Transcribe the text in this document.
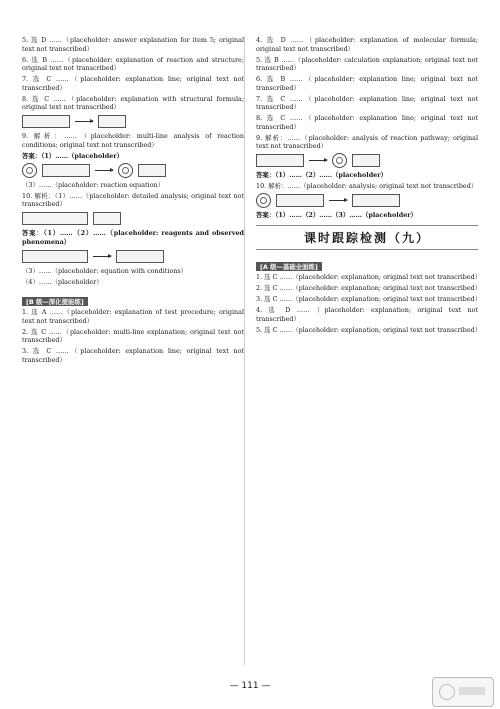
5. 选 D ……（placeholder: answer explanation for item 5; original text not transcribed）

6. 选 B ……（placeholder: explanation of reaction and structure; original text not transcribed）

7. 选 C ……（placeholder: explanation line; original text not transcribed）

8. 选 C ……（placeholder: explanation with structural formula; original text not transcribed）

9. 解析：……（placeholder: multi-line analysis of reaction conditions; original text not transcribed）

答案：（1）……（placeholder）

（3）……（placeholder: reaction equation）

10. 解析：（1）……（placeholder: detailed analysis; original text not transcribed）

答案：（1）……（2）……（placeholder: reagents and observed phenomena）

（3）……（placeholder: equation with conditions）

（4）……（placeholder）

[B 级—深化提能练]

1. 选 A ……（placeholder: explanation of test procedure; original text not transcribed）

2. 选 C ……（placeholder: multi-line explanation; original text not transcribed）

3. 选 C ……（placeholder: explanation line; original text not transcribed）

4. 选 D ……（placeholder: explanation of molecular formula; original text not transcribed）

5. 选 B ……（placeholder: calculation explanation; original text not transcribed）

6. 选 B ……（placeholder: explanation line; original text not transcribed）

7. 选 C ……（placeholder: explanation line; original text not transcribed）

8. 选 C ……（placeholder: explanation line; original text not transcribed）

9. 解析：……（placeholder: analysis of reaction pathway; original text not transcribed）

答案：（1）……（2）……（placeholder）

10. 解析：……（placeholder: analysis; original text not transcribed）

答案：（1）……（2）……（3）……（placeholder）

课时跟踪检测（九）
[A 级—基础全面练]

1. 选 C ……（placeholder: explanation; original text not transcribed）

2. 选 C ……（placeholder: explanation; original text not transcribed）

3. 选 C ……（placeholder: explanation; original text not transcribed）

4. 选 D ……（placeholder: explanation; original text not transcribed）

5. 选 C ……（placeholder: explanation; original text not transcribed）

— 111 —
